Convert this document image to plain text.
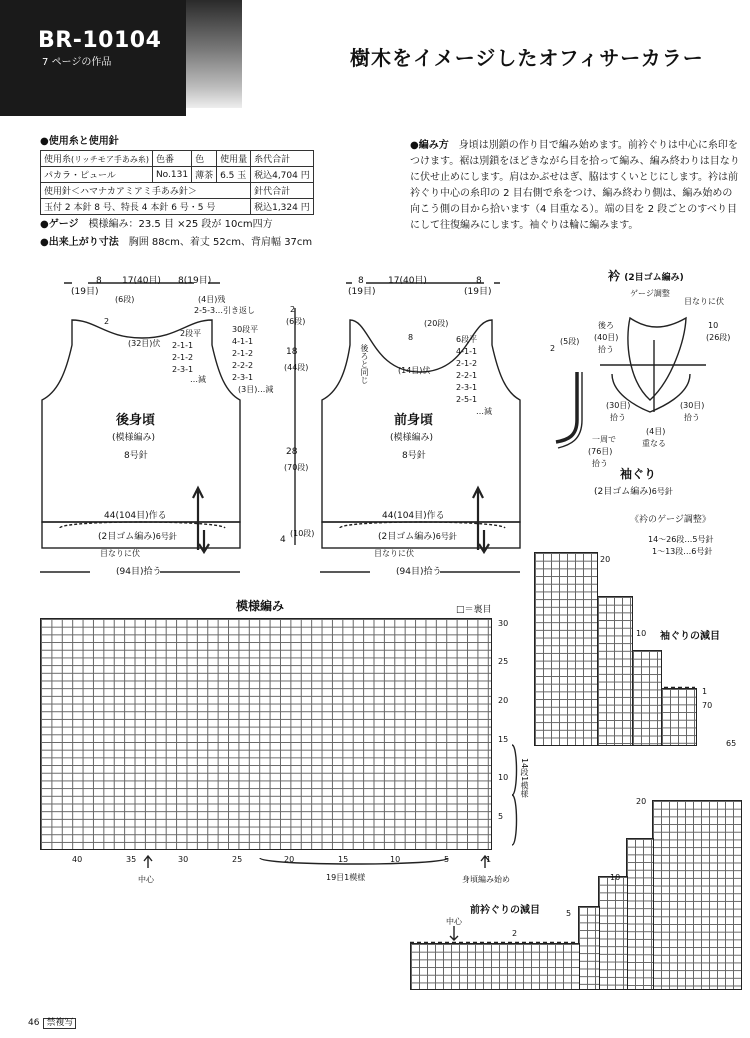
BR-10104
7 ページの作品	樹木をイメージしたオフィサーカラー
●使用糸と使用針
使用糸(リッチモア手あみ糸)	色番	色	使用量	糸代合計
パカラ・ピュール	No.131	薄茶	6.5 玉	税込4,704 円
使用針＜ハマナカアミアミ手あみ針＞				針代合計
玉付 2 本針 8 号、特長 4 本針 6 号・5 号				税込1,324 円
●ゲージ　 模様編み：23.5 目 ×25 段が 10cm四方
●出来上がり寸法　 胸囲 88cm、着丈 52cm、背肩幅 37cm
●編み方　 身頃は別鎖の作り目で編み始めます。前衿ぐりは中心に糸印をつけます。裾は別鎖をほどきながら目を拾って編み、編み終わりは目なりに伏せ止めにします。肩はかぶせはぎ、脇はすくいとじにします。衿は前衿ぐり中心の糸印の 2 目右側で糸をつけ、編み終わり側は、編み始めの向こう側の目から拾います（4 目重なる）。端の目を 2 段ごとのすべり目にして往復編みにします。袖ぐりは輪に編みます。
8
(19目)
17(40目) 8(19目)
(6段)
2
(32目)伏
(4目)残
2-5-3…引き返し
2段平
2-1-1
2-1-2
2-3-1
…減
30段平
4-1-1
2-1-2
2-2-2
2-3-1
(3目)…減
後身頃
(模様編み)
8号針
44(104目)作る
(2目ゴム編み)6号針
目なりに伏
(94目)拾う
2
(6段)
18
(44段)
28
(70段)
4
(10段)
8
(19目)
17(40目)	8
(19目)
(20段)
8
(14目)伏
後ろと同じ
6段平
4-1-1
2-1-2
2-2-1
2-3-1
2-5-1
…減
前身頃
(模様編み)
8号針
44(104目)作る
(2目ゴム編み)6号針
目なりに伏
(94目)拾う
衿 (2目ゴム編み)
ゲージ調整
目なりに伏
後ろ
(40目)
拾う
2
(5段)
10
(26段)
(30目)
拾う
(30目)
拾う
(4目)
重なる
一周で
(76目)
拾う
袖ぐり
(2目ゴム編み)6号針
《衿のゲージ調整》
14〜26段…5号針
1〜13段…6号針
模様編み	□＝裏目
30
25
20
15
10
5
40	35	30	25	20	15	10	5	1
14段1模様
19目1模様
中心	身頃編み始め
20
10
1
70
65
袖ぐりの減目
20
10
5
2
中心
前衿ぐりの減目
46 禁複写
